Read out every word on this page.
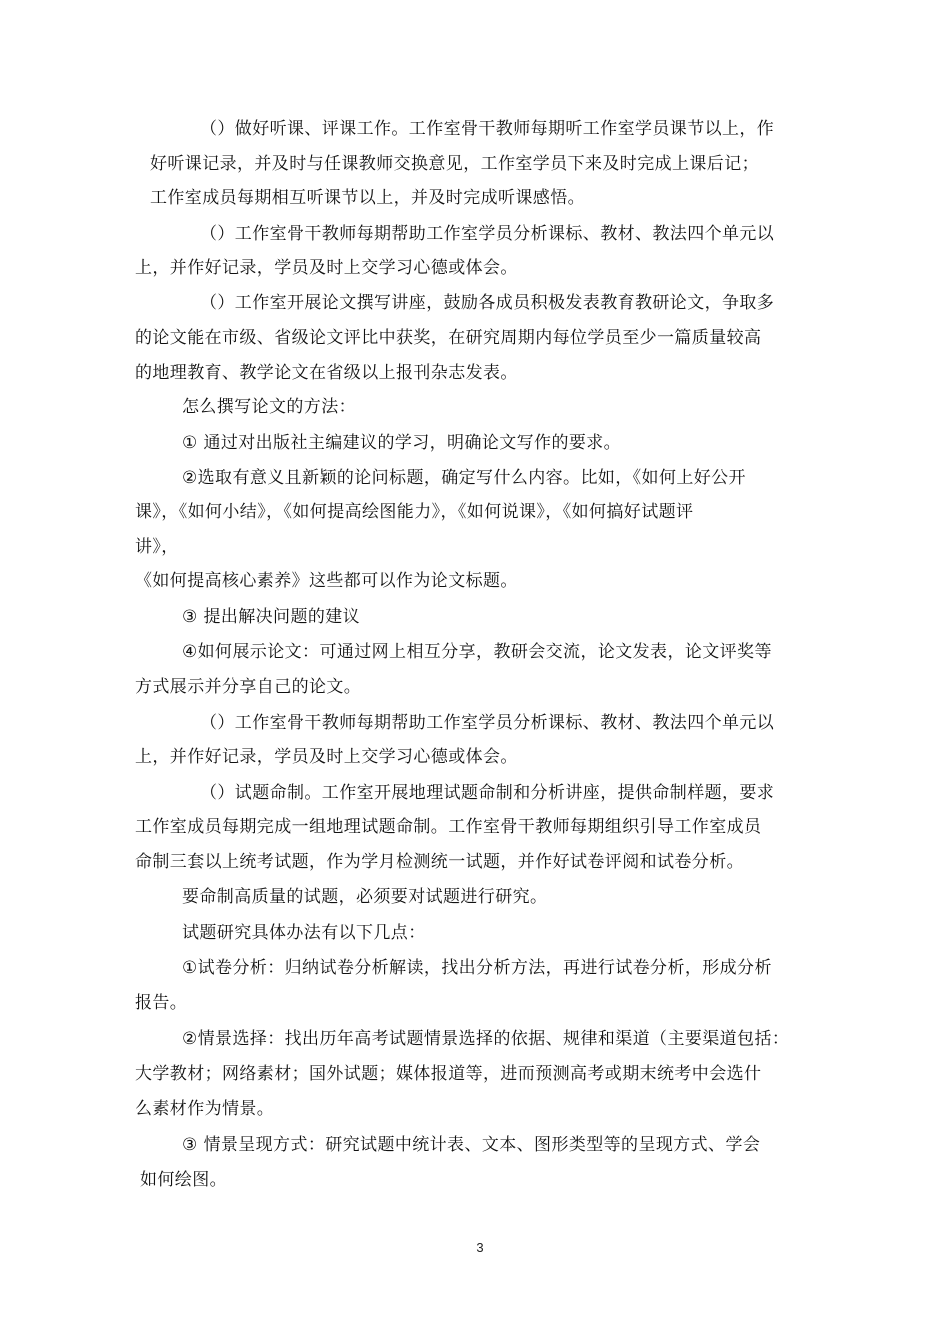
（）做好听课、评课工作。工作室骨干教师每期听工作室学员课节以上，作
好听课记录，并及时与任课教师交换意见，工作室学员下来及时完成上课后记；
工作室成员每期相互听课节以上，并及时完成听课感悟。
（）工作室骨干教师每期帮助工作室学员分析课标、教材、教法四个单元以
上，并作好记录，学员及时上交学习心德或体会。
（）工作室开展论文撰写讲座，鼓励各成员积极发表教育教研论文，争取多
的论文能在市级、省级论文评比中获奖，在研究周期内每位学员至少一篇质量较高
的地理教育、教学论文在省级以上报刊杂志发表。
怎么撰写论文的方法：
① 通过对出版社主编建议的学习，明确论文写作的要求。
②选取有意义且新颖的论问标题，确定写什么内容。比如，《如何上好公开
课》，《如何小结》，《如何提高绘图能力》，《如何说课》，《如何搞好试题评
讲》，
《如何提高核心素养》这些都可以作为论文标题。
③ 提出解决问题的建议
④如何展示论文：可通过网上相互分享，教研会交流，论文发表，论文评奖等
方式展示并分享自己的论文。
（）工作室骨干教师每期帮助工作室学员分析课标、教材、教法四个单元以
上，并作好记录，学员及时上交学习心德或体会。
（）试题命制。工作室开展地理试题命制和分析讲座，提供命制样题，要求
工作室成员每期完成一组地理试题命制。工作室骨干教师每期组织引导工作室成员
命制三套以上统考试题，作为学月检测统一试题，并作好试卷评阅和试卷分析。
要命制高质量的试题，必须要对试题进行研究。
试题研究具体办法有以下几点：
①试卷分析：归纳试卷分析解读，找出分析方法，再进行试卷分析，形成分析
报告。
②情景选择：找出历年高考试题情景选择的依据、规律和渠道（主要渠道包括：
大学教材；网络素材；国外试题；媒体报道等，进而预测高考或期末统考中会选什
么素材作为情景。
③ 情景呈现方式：研究试题中统计表、文本、图形类型等的呈现方式、学会
如何绘图。
3
